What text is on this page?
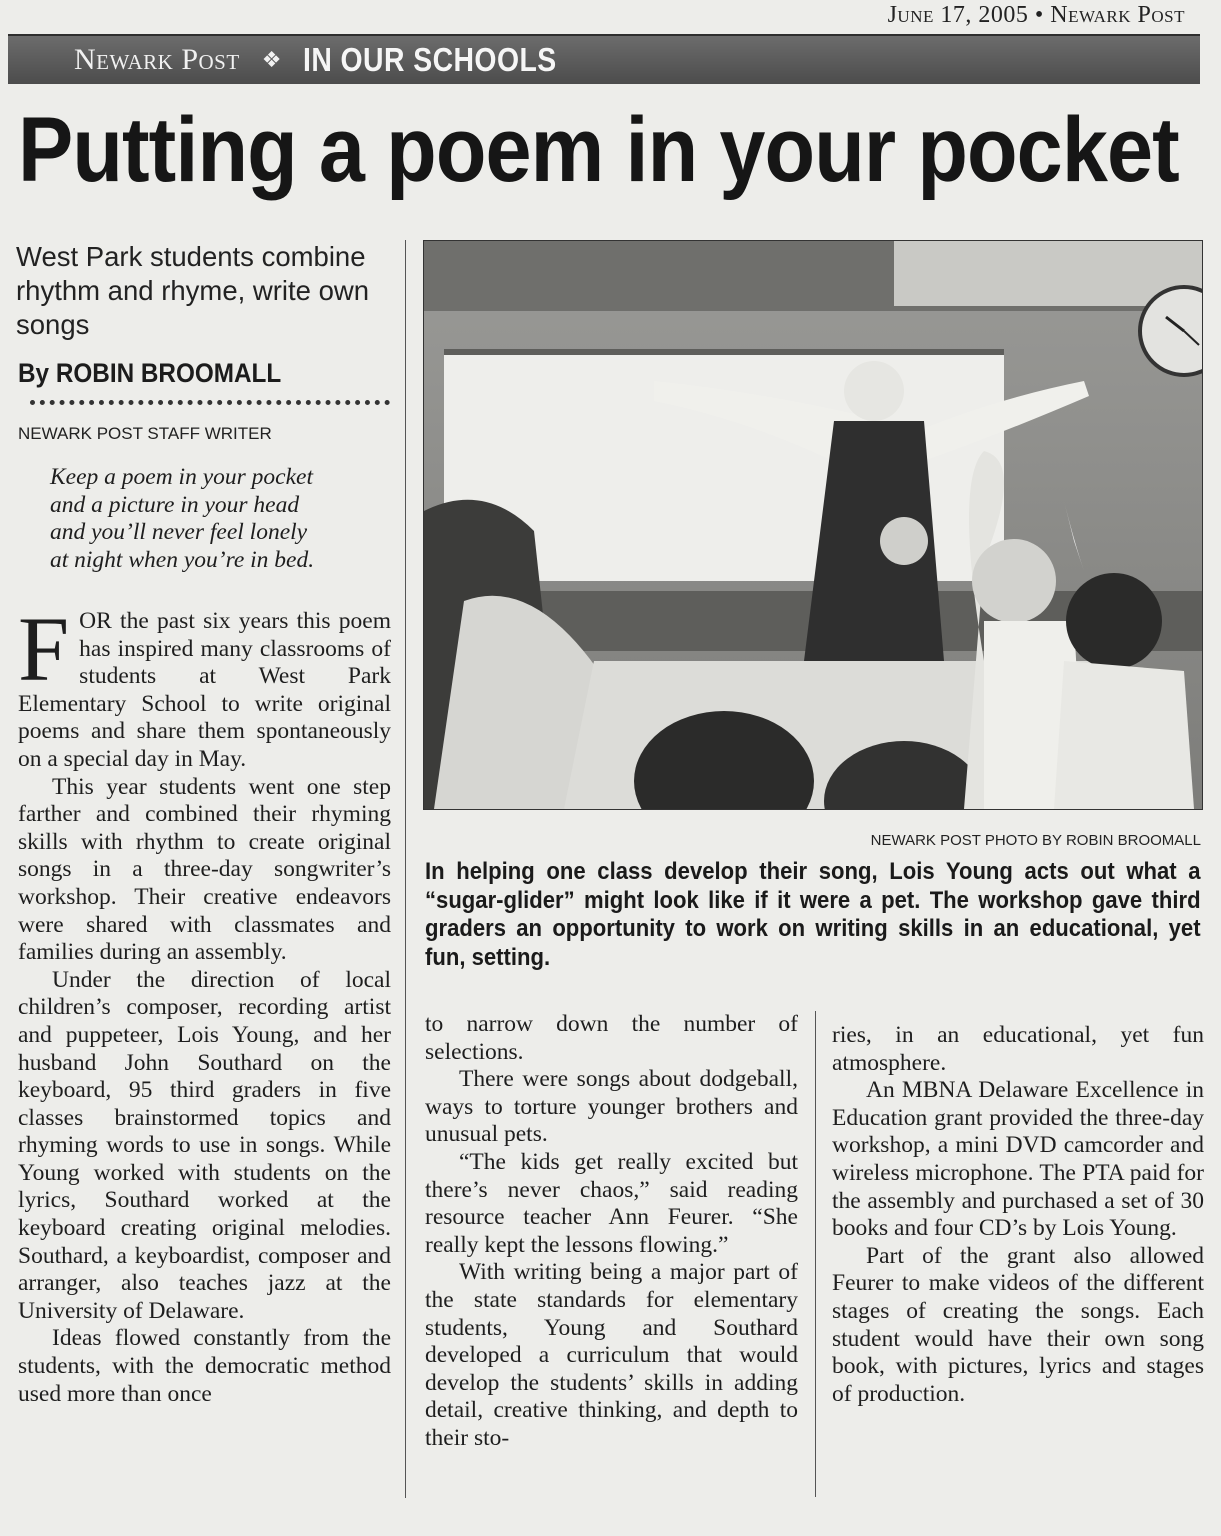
June 17, 2005 • Newark Post
Newark Post ❖ IN OUR SCHOOLS
Putting a poem in your pocket
West Park students combine rhythm and rhyme, write own songs
By ROBIN BROOMALL
NEWARK POST STAFF WRITER
Keep a poem in your pocket
and a picture in your head
and you’ll never feel lonely
at night when you’re in bed.

FOR the past six years this poem has inspired many classrooms of students at West Park Elementary School to write original poems and share them spontaneously on a special day in May.

This year students went one step farther and combined their rhyming skills with rhythm to create original songs in a three-day songwriter’s workshop. Their creative endeavors were shared with classmates and families during an assembly.

Under the direction of local children’s composer, recording artist and puppeteer, Lois Young, and her husband John Southard on the keyboard, 95 third graders in five classes brainstormed topics and rhyming words to use in songs. While Young worked with students on the lyrics, Southard worked at the keyboard creating original melodies. Southard, a keyboardist, composer and arranger, also teaches jazz at the University of Delaware.

Ideas flowed constantly from the students, with the democratic method used more than once

NEWARK POST PHOTO BY ROBIN BROOMALL
In helping one class develop their song, Lois Young acts out what a “sugar-glider” might look like if it were a pet. The workshop gave third graders an opportunity to work on writing skills in an educational, yet fun, setting.

to narrow down the number of selections.

There were songs about dodgeball, ways to torture younger brothers and unusual pets.

“The kids get really excited but there’s never chaos,” said reading resource teacher Ann Feurer. “She really kept the lessons flowing.”

With writing being a major part of the state standards for elementary students, Young and Southard developed a curriculum that would develop the students’ skills in adding detail, creative thinking, and depth to their sto-

ries, in an educational, yet fun atmosphere.

An MBNA Delaware Excellence in Education grant provided the three-day workshop, a mini DVD camcorder and wireless microphone. The PTA paid for the assembly and purchased a set of 30 books and four CD’s by Lois Young.

Part of the grant also allowed Feurer to make videos of the different stages of creating the songs. Each student would have their own song book, with pictures, lyrics and stages of production.
